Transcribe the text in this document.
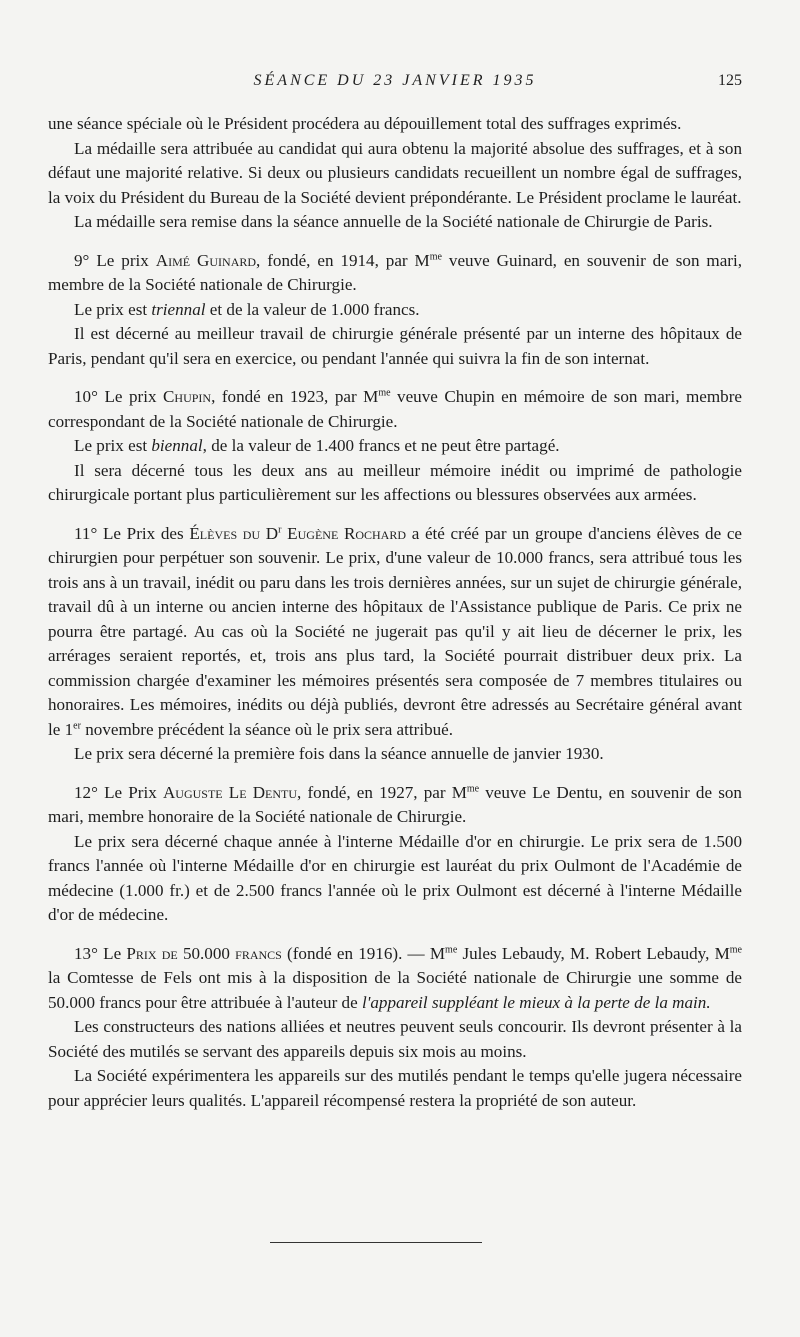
SÉANCE DU 23 JANVIER 1935	125

une séance spéciale où le Président procédera au dépouillement total des suffrages exprimés.

La médaille sera attribuée au candidat qui aura obtenu la majorité absolue des suffrages, et à son défaut une majorité relative. Si deux ou plusieurs candidats recueillent un nombre égal de suffrages, la voix du Président du Bureau de la Société devient prépondérante. Le Président proclame le lauréat.

La médaille sera remise dans la séance annuelle de la Société nationale de Chirurgie de Paris.

9° Le prix Aimé Guinard, fondé, en 1914, par $M^{me}$ veuve Guinard, en souvenir de son mari, membre de la Société nationale de Chirurgie.

Le prix est triennal et de la valeur de 1.000 francs.

Il est décerné au meilleur travail de chirurgie générale présenté par un interne des hôpitaux de Paris, pendant qu'il sera en exercice, ou pendant l'année qui suivra la fin de son internat.

10° Le prix Chupin, fondé en 1923, par $M^{me}$ veuve Chupin en mémoire de son mari, membre correspondant de la Société nationale de Chirurgie.

Le prix est biennal, de la valeur de 1.400 francs et ne peut être partagé.

Il sera décerné tous les deux ans au meilleur mémoire inédit ou imprimé de pathologie chirurgicale portant plus particulièrement sur les affections ou blessures observées aux armées.

11° Le Prix des Élèves du $D^r$ Eugène Rochard a été créé par un groupe d'anciens élèves de ce chirurgien pour perpétuer son souvenir. Le prix, d'une valeur de 10.000 francs, sera attribué tous les trois ans à un travail, inédit ou paru dans les trois dernières années, sur un sujet de chirurgie générale, travail dû à un interne ou ancien interne des hôpitaux de l'Assistance publique de Paris. Ce prix ne pourra être partagé. Au cas où la Société ne jugerait pas qu'il y ait lieu de décerner le prix, les arrérages seraient reportés, et, trois ans plus tard, la Société pourrait distribuer deux prix. La commission chargée d'examiner les mémoires présentés sera composée de 7 membres titulaires ou honoraires. Les mémoires, inédits ou déjà publiés, devront être adressés au Secrétaire général avant le 1er novembre précédent la séance où le prix sera attribué.

Le prix sera décerné la première fois dans la séance annuelle de janvier 1930.

12° Le Prix Auguste Le Dentu, fondé, en 1927, par $M^{me}$ veuve Le Dentu, en souvenir de son mari, membre honoraire de la Société nationale de Chirurgie.

Le prix sera décerné chaque année à l'interne Médaille d'or en chirurgie. Le prix sera de 1.500 francs l'année où l'interne Médaille d'or en chirurgie est lauréat du prix Oulmont de l'Académie de médecine (1.000 fr.) et de 2.500 francs l'année où le prix Oulmont est décerné à l'interne Médaille d'or de médecine.

13° Le Prix de 50.000 francs (fondé en 1916). — $M^{me}$ Jules Lebaudy, M. Robert Lebaudy, $M^{me}$ la Comtesse de Fels ont mis à la disposition de la Société nationale de Chirurgie une somme de 50.000 francs pour être attribuée à l'auteur de l'appareil suppléant le mieux à la perte de la main.

Les constructeurs des nations alliées et neutres peuvent seuls concourir. Ils devront présenter à la Société des mutilés se servant des appareils depuis six mois au moins.

La Société expérimentera les appareils sur des mutilés pendant le temps qu'elle jugera nécessaire pour apprécier leurs qualités. L'appareil récompensé restera la propriété de son auteur.
